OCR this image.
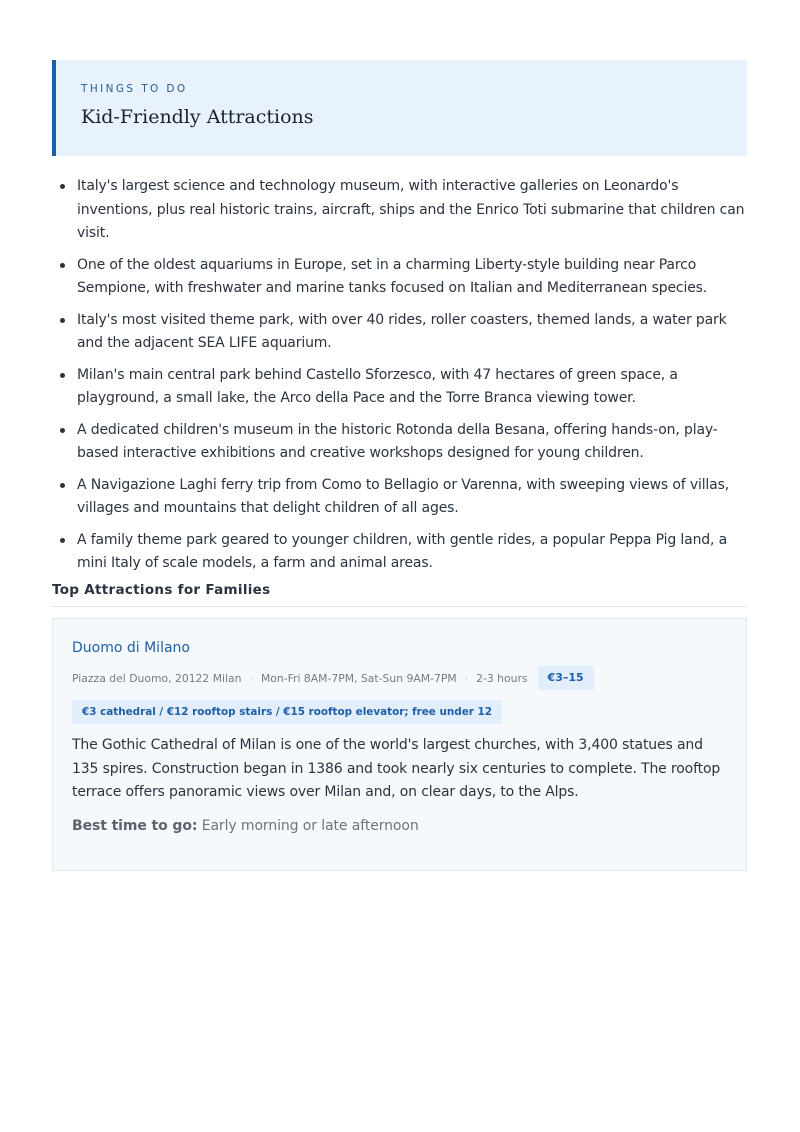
THINGS TO DO
Kid-Friendly Attractions
Italy's largest science and technology museum, with interactive galleries on Leonardo's inventions, plus real historic trains, aircraft, ships and the Enrico Toti submarine that children can visit.
One of the oldest aquariums in Europe, set in a charming Liberty-style building near Parco Sempione, with freshwater and marine tanks focused on Italian and Mediterranean species.
Italy's most visited theme park, with over 40 rides, roller coasters, themed lands, a water park and the adjacent SEA LIFE aquarium.
Milan's main central park behind Castello Sforzesco, with 47 hectares of green space, a playground, a small lake, the Arco della Pace and the Torre Branca viewing tower.
A dedicated children's museum in the historic Rotonda della Besana, offering hands-on, play-based interactive exhibitions and creative workshops designed for young children.
A Navigazione Laghi ferry trip from Como to Bellagio or Varenna, with sweeping views of villas, villages and mountains that delight children of all ages.
A family theme park geared to younger children, with gentle rides, a popular Peppa Pig land, a mini Italy of scale models, a farm and animal areas.
Top Attractions for Families
Duomo di Milano
Piazza del Duomo, 20122 Milan · Mon-Fri 8AM-7PM, Sat-Sun 9AM-7PM · 2-3 hours	€3–15
€3 cathedral / €12 rooftop stairs / €15 rooftop elevator; free under 12
The Gothic Cathedral of Milan is one of the world's largest churches, with 3,400 statues and 135 spires. Construction began in 1386 and took nearly six centuries to complete. The rooftop terrace offers panoramic views over Milan and, on clear days, to the Alps.
Best time to go: Early morning or late afternoon
